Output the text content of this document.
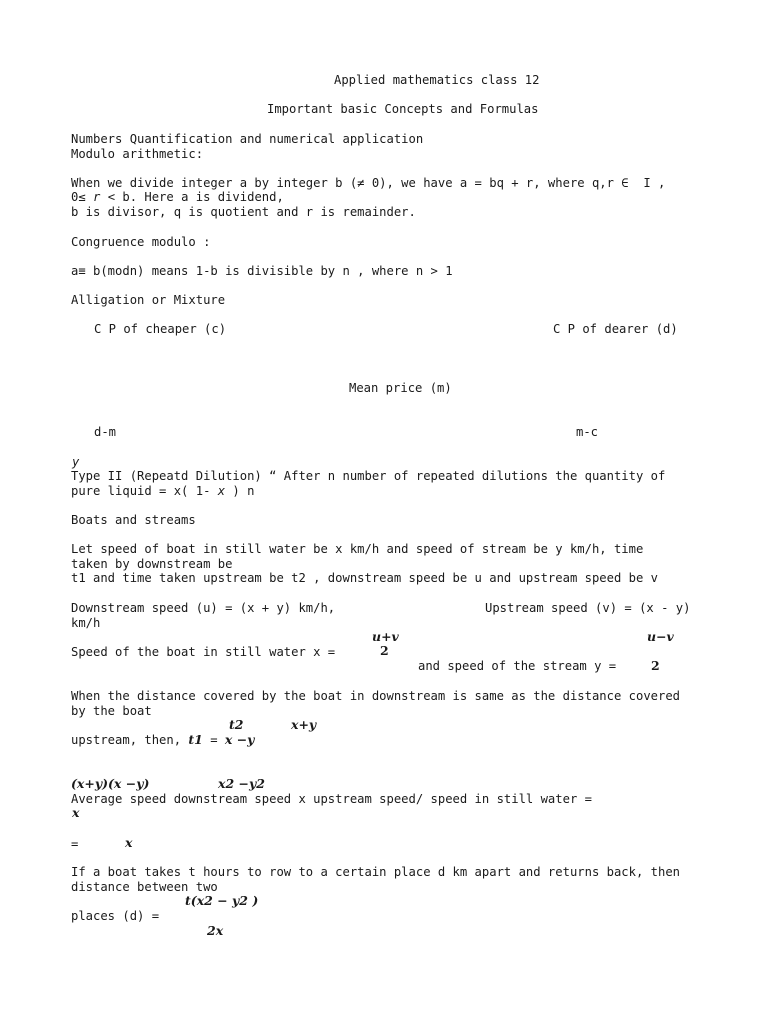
Applied mathematics class 12
Important basic Concepts and Formulas
Numbers Quantification and numerical application
Modulo arithmetic:
When we divide integer a by integer b (≠ 0), we have a = bq + r, where q,r ∈  I ,
0≤ r < b. Here a is dividend,
b is divisor, q is quotient and r is remainder.
Congruence modulo :
a≡ b(modn) means 1-b is divisible by n , where n > 1
Alligation or Mixture
C P of cheaper (c)	C P of dearer (d)
Mean price (m)
d-m	m-c
y
Type II (Repeatd Dilution) “ After n number of repeated dilutions the quantity of
pure liquid = x( 1- x ) n
Boats and streams
Let speed of boat in still water be x km/h and speed of stream be y km/h, time
taken by downstream be
t1 and time taken upstream be t2 , downstream speed be u and upstream speed be v
Downstream speed (u) = (x + y) km/h,	Upstream speed (v) = (x - y)
km/h
u+v	u−v
Speed of the boat in still water x =	2
and speed of the stream y =	2
When the distance covered by the boat in downstream is same as the distance covered
by the boat
t2	x+y
upstream, then, t1 = x −y
(x+y)(x −y)	x2 −y2
Average speed downstream speed x upstream speed/ speed in still water =
x
=	x
If a boat takes t hours to row to a certain place d km apart and returns back, then
distance between two
t(x2 − y2 )
places (d) =
2x
